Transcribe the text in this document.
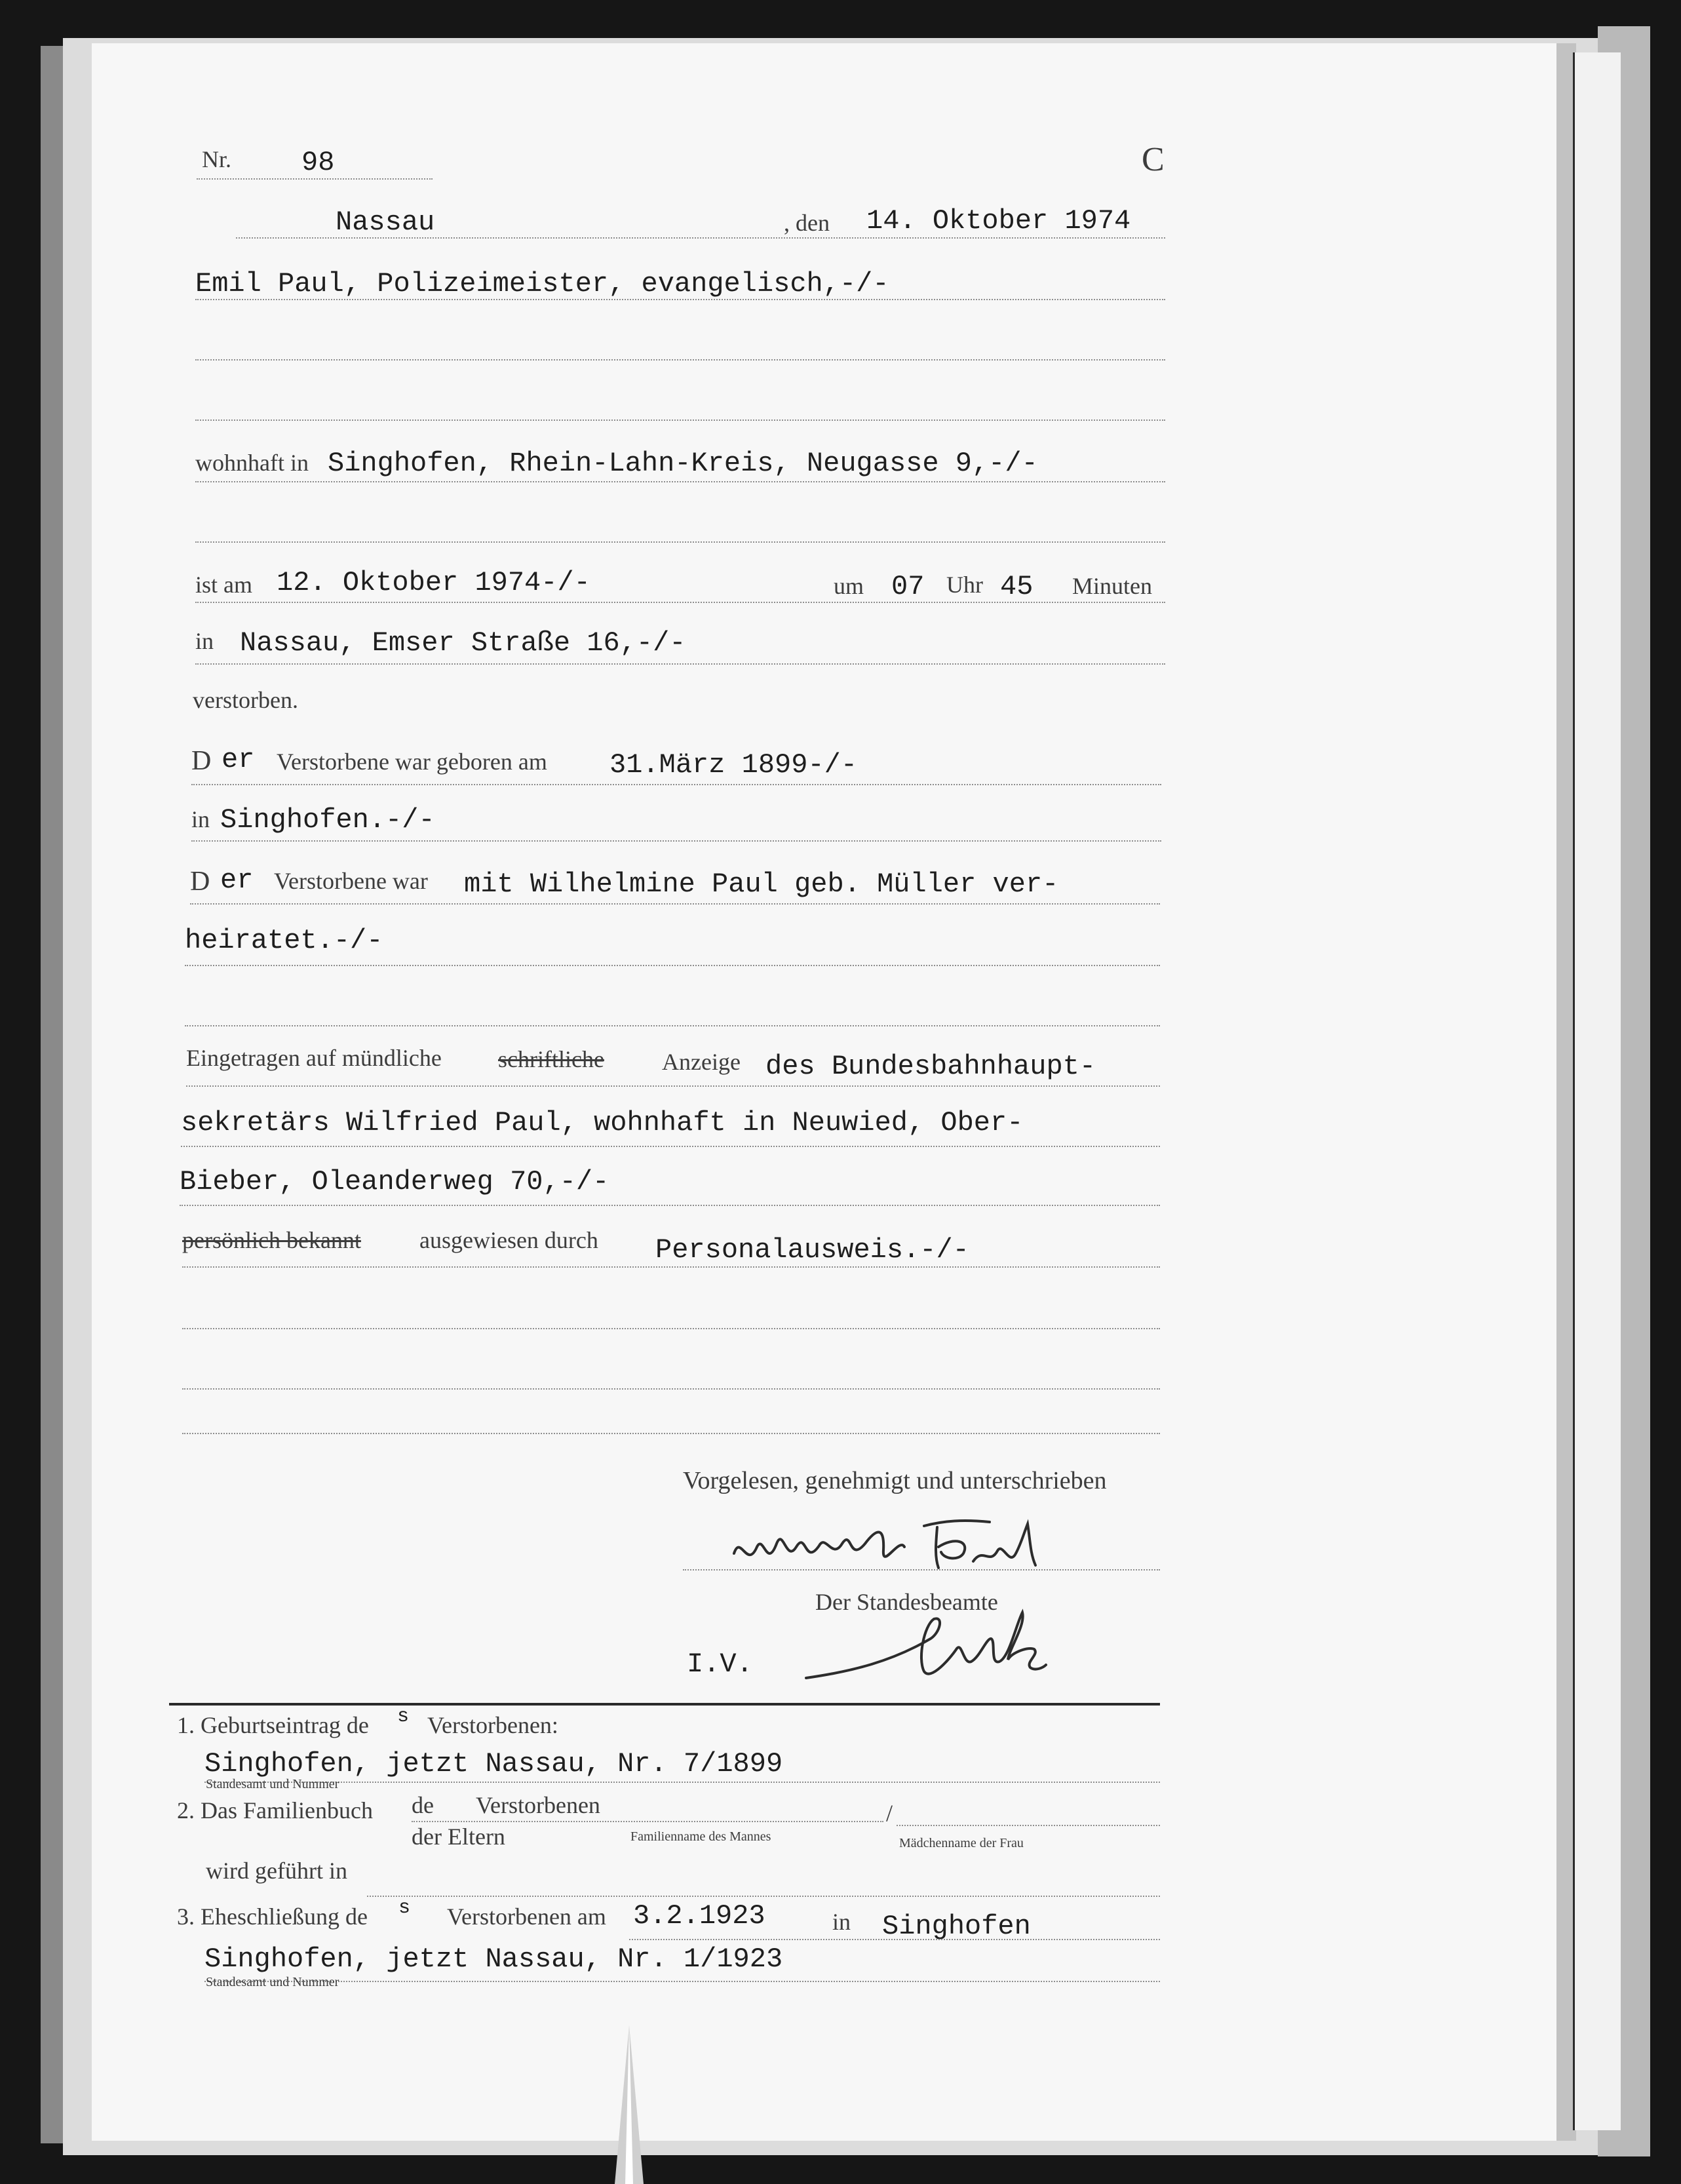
Nr.	98	C
Nassau	, den 14. Oktober 1974
Emil Paul, Polizeimeister, evangelisch,-/-
wohnhaft in Singhofen, Rhein-Lahn-Kreis, Neugasse 9,-/-
ist am 12. Oktober 1974-/-	um 07 Uhr 45 Minuten
in Nassau, Emser Straße 16,-/-
verstorben.
D er Verstorbene war geboren am 31.März 1899-/-
in Singhofen.-/-
D er Verstorbene war mit Wilhelmine Paul geb. Müller ver-
heiratet.-/-
Eingetragen auf mündliche schriftliche Anzeige des Bundesbahnhaupt-
sekretärs Wilfried Paul, wohnhaft in Neuwied, Ober-
Bieber, Oleanderweg 70,-/-
persönlich bekannt ausgewiesen durch Personalausweis.-/-
Vorgelesen, genehmigt und unterschrieben
Wilfried Paul
Der Standesbeamte
I.V.
Link
1. Geburtseintrag de s Verstorbenen:
Singhofen, jetzt Nassau, Nr. 7/1899
Standesamt und Nummer
2. Das Familienbuch de Verstorbenen	/
der Eltern	Familienname des Mannes	Mädchenname der Frau
wird geführt in
3. Eheschließung de s Verstorbenen am 3.2.1923	in Singhofen
Singhofen, jetzt Nassau, Nr. 1/1923
Standesamt und Nummer
